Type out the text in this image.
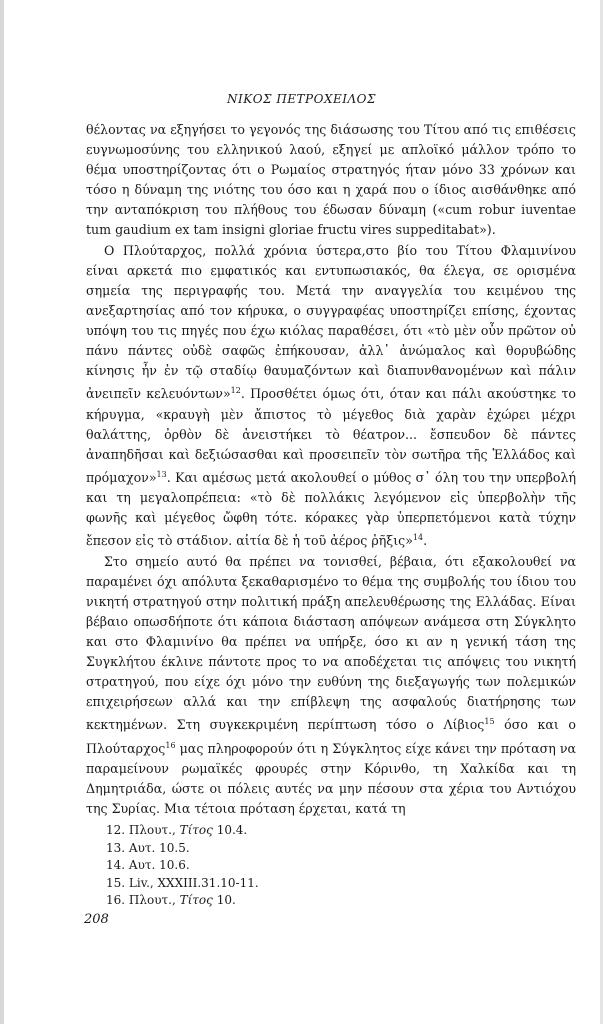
ΝΙΚΟΣ ΠΕΤΡΟΧΕΙΛΟΣ

θέλοντας να εξηγήσει το γεγονός της διάσωσης του Τίτου από τις επιθέσεις ευγνωμοσύνης του ελληνικού λαού, εξηγεί με απλοϊκό μάλλον τρόπο το θέμα υποστηρίζοντας ότι ο Ρωμαίος στρατηγός ήταν μόνο 33 χρόνων και τόσο η δύναμη της νιότης του όσο και η χαρά που ο ίδιος αισθάνθηκε από την ανταπόκριση του πλήθους του έδωσαν δύναμη («cum robur iuventae tum gaudium ex tam insigni gloriae fructu vires suppeditabat»).

Ο Πλούταρχος, πολλά χρόνια ύστερα,στο βίο του Τίτου Φλαμινίνου είναι αρκετά πιο εμφατικός και εντυπωσιακός, θα έλεγα, σε ορισμένα σημεία της περιγραφής του. Μετά την αναγγελία του κειμένου της ανεξαρτησίας από τον κήρυκα, ο συγγραφέας υποστηρίζει επίσης, έχοντας υπόψη του τις πηγές που έχω κιόλας παραθέσει, ότι «τὸ μὲν οὖν πρῶτον οὐ πάνυ πάντες οὐδὲ σαφῶς ἐπήκουσαν, ἀλλ᾽ ἀνώμαλος καὶ θορυβώδης κίνησις ἦν ἐν τῷ σταδίῳ θαυμαζόντων καὶ διαπυνθανομένων καὶ πάλιν ἀνειπεῖν κελευόντων»$^{12}$. Προσθέτει όμως ότι, όταν και πάλι ακούστηκε το κήρυγμα, «κραυγὴ μὲν ἄπιστος τὸ μέγεθος διὰ χαρὰν ἐχώρει μέχρι θαλάττης, ὀρθὸν δὲ ἀνειστήκει τὸ θέατρον... ἔσπευδον δὲ πάντες ἀναπηδῆσαι καὶ δεξιώσασθαι καὶ προσειπεῖν τὸν σωτῆρα τῆς Ἑλλάδος καὶ πρόμαχον»$^{13}$. Και αμέσως μετά ακολουθεί ο μύθος σ᾽ όλη του την υπερβολή και τη μεγαλοπρέπεια: «τὸ δὲ πολλάκις λεγόμενον εἰς ὑπερβολὴν τῆς φωνῆς καὶ μέγεθος ὤφθη τότε. κόρακες γὰρ ὑπερπετόμενοι κατὰ τύχην ἔπεσον εἰς τὸ στάδιον. αἰτία δὲ ἡ τοῦ ἀέρος ῥῆξις»$^{14}$.

Στο σημείο αυτό θα πρέπει να τονισθεί, βέβαια, ότι εξακολουθεί να παραμένει όχι απόλυτα ξεκαθαρισμένο το θέμα της συμβολής του ίδιου του νικητή στρατηγού στην πολιτική πράξη απελευθέρωσης της Ελλάδας. Είναι βέβαιο οπωσδήποτε ότι κάποια διάσταση απόψεων ανάμεσα στη Σύγκλητο και στο Φλαμινίνο θα πρέπει να υπήρξε, όσο κι αν η γενική τάση της Συγκλήτου έκλινε πάντοτε προς το να αποδέχεται τις απόψεις του νικητή στρατηγού, που είχε όχι μόνο την ευθύνη της διεξαγωγής των πολεμικών επιχειρήσεων αλλά και την επίβλεψη της ασφαλούς διατήρησης των κεκτημένων. Στη συγκεκριμένη περίπτωση τόσο ο Λίβιος$^{15}$ όσο και ο Πλούταρχος$^{16}$ μας πληροφορούν ότι η Σύγκλητος είχε κάνει την πρόταση να παραμείνουν ρωμαϊκές φρουρές στην Κόρινθο, τη Χαλκίδα και τη Δημητριάδα, ώστε οι πόλεις αυτές να μην πέσουν στα χέρια του Αντιόχου της Συρίας. Μια τέτοια πρόταση έρχεται, κατά τη

12. Πλουτ., Τίτος 10.4.
13. Αυτ. 10.5.
14. Αυτ. 10.6.
15. Liv., XXXIII.31.10-11.
16. Πλουτ., Τίτος 10.
208
